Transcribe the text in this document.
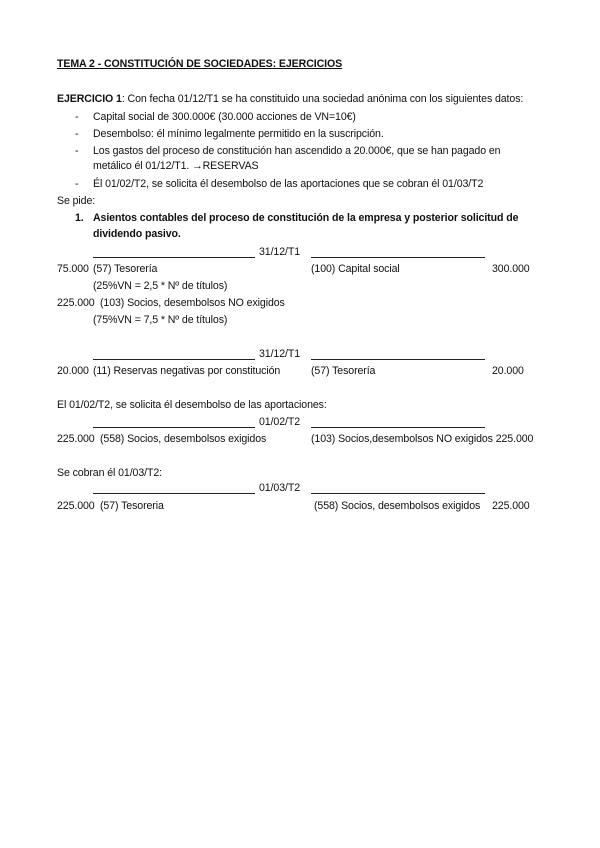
TEMA 2 - CONSTITUCIÓN DE SOCIEDADES: EJERCICIOS
EJERCICIO 1: Con fecha 01/12/T1 se ha constituido una sociedad anónima con los siguientes datos:
- Capital social de 300.000€ (30.000 acciones de VN=10€)
- Desembolso: él mínimo legalmente permitido en la suscripción.
- Los gastos del proceso de constitución han ascendido a 20.000€, que se han pagado en
metálico él 01/12/T1. →RESERVAS
- Él 01/02/T2, se solicita él desembolso de las aportaciones que se cobran él 01/03/T2
Se pide:
1. Asientos contables del proceso de constitución de la empresa y posterior solicitud de
dividendo pasivo.
31/12/T1
75.000 (57) Tesorería	(100) Capital social	300.000
(25%VN = 2,5 * Nº de títulos)
225.000 (103) Socios, desembolsos NO exigidos
(75%VN = 7,5 * Nº de títulos)
31/12/T1
20.000 (11) Reservas negativas por constitución	(57) Tesorería	20.000
El 01/02/T2, se solicita él desembolso de las aportaciones:
01/02/T2
225.000 (558) Socios, desembolsos exigidos	(103) Socios,desembolsos NO exigidos 225.000
Se cobran él 01/03/T2:
01/03/T2
225.000 (57) Tesoreria	(558) Socios, desembolsos exigidos 225.000
